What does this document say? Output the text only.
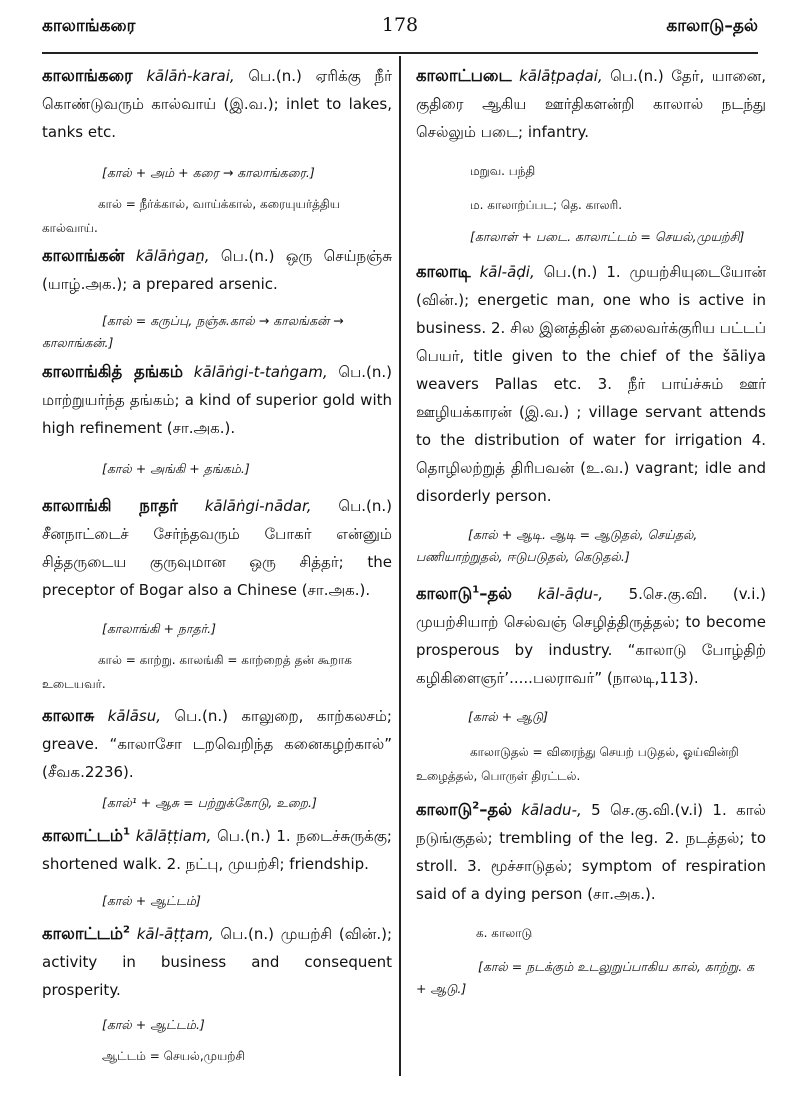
காலாங்கரை	178	காலாடு–தல்

காலாங்கரை kālāṅ-karai, பெ.(n.) ஏரிக்கு நீர் கொண்டுவரும் கால்வாய் (இ.வ.); inlet to lakes, tanks etc.

[கால் + அம் + கரை → காலாங்கரை.]

கால் = நீர்க்கால், வாய்க்கால், கரையுயர்த்திய கால்வாய்.

காலாங்கன் kālāṅgaṉ, பெ.(n.) ஒரு செய்நஞ்சு (யாழ்.அக.); a prepared arsenic.

[கால் = கருப்பு, நஞ்சு.கால் → காலங்கன் → காலாங்கன்.]

காலாங்கித் தங்கம் kālāṅgi-t-taṅgam, பெ.(n.) மாற்றுயர்ந்த தங்கம்; a kind of superior gold with high refinement (சா.அக.).

[கால் + அங்கி + தங்கம்.]

காலாங்கி நாதர் kālāṅgi-nādar, பெ.(n.) சீனநாட்டைச் சேர்ந்தவரும் போகர் என்னும் சித்தருடைய குருவுமான ஒரு சித்தர்; the preceptor of Bogar also a Chinese (சா.அக.).

[காலாங்கி + நாதர்.]

கால் = காற்று. காலங்கி = காற்றைத் தன் கூறாக உடையவர்.

காலாசு kālāsu, பெ.(n.) காலுறை, காற்கலசம்; greave. “காலாசோ டறவெறிந்த கனைகழற்கால்” (சீவக.2236).

[கால்¹ + ஆசு = பற்றுக்கோடு, உறை.]

காலாட்டம்$^1$ kālāṭṭiam, பெ.(n.) 1. நடைச்சுருக்கு; shortened walk. 2. நட்பு, முயற்சி; friendship.

[கால் + ஆட்டம்]

காலாட்டம்$^2$ kāl-āṭṭam, பெ.(n.) முயற்சி (வின்.); activity in business and consequent prosperity.

[கால் + ஆட்டம்.]

ஆட்டம் = செயல்,முயற்சி

காலாட்படை kālāṭpaḍai, பெ.(n.) தேர், யானை, குதிரை ஆகிய ஊர்திகளன்றி காலால் நடந்து செல்லும் படை; infantry.

மறுவ. பந்தி

ம. காலாற்ப்பட; தெ. காலரி.

[காலாள் + படை. காலாட்டம் = செயல்,முயற்சி]

காலாடி kāl-āḍi, பெ.(n.) 1. முயற்சியுடையோன் (வின்.); energetic man, one who is active in business. 2. சில இனத்தின் தலைவர்க்குரிய பட்டப் பெயர், title given to the chief of the šāliya weavers Pallas etc. 3. நீர் பாய்ச்சும் ஊர் ஊழியக்காரன் (இ.வ.) ; village servant attends to the distribution of water for irrigation 4. தொழிலற்றுத் திரிபவன் (உ.வ.) vagrant; idle and disorderly person.

[கால் + ஆடி. ஆடி = ஆடுதல், செய்தல், பணியாற்றுதல், ஈடுபடுதல், கெடுதல்.]

காலாடு$^1$–தல் kāl-āḍu-, 5.செ.கு.வி. (v.i.) முயற்சியாற் செல்வஞ் செழித்திருத்தல்; to become prosperous by industry. “காலாடு போழ்திற் கழிகிளைஞர்’.....பலராவர்” (நாலடி,113).

[கால் + ஆடு]

காலாடுதல் = விரைந்து செயற் படுதல், ஓய்வின்றி உழைத்தல், பொருள் திரட்டல்.

காலாடு$^2$–தல் kāladu-, 5 செ.கு.வி.(v.i) 1. கால் நடுங்குதல்; trembling of the leg. 2. நடத்தல்; to stroll. 3. மூச்சாடுதல்; symptom of respiration said of a dying person (சா.அக.).

க. காலாடு

[கால் = நடக்கும் உடலுறுப்பாகிய கால், காற்று. க + ஆடு.]
